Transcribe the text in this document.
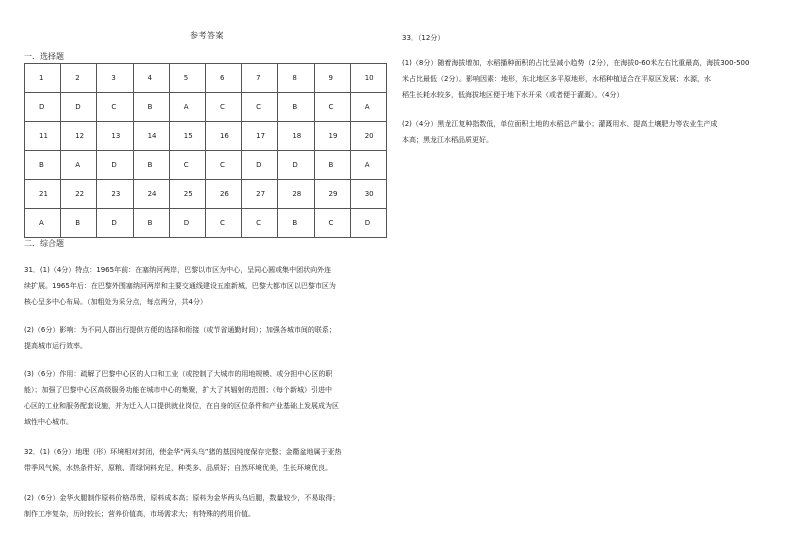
参考答案
一．选择题
1	2	3	4	5	6	7	8	9	10
D	D	C	B	A	C	C	B	C	A
11	12	13	14	15	16	17	18	19	20
B	A	D	B	C	C	D	D	B	A
21	22	23	24	25	26	27	28	29	30
A	B	D	B	D	C	C	B	C	D
二．综合题
31．(1)（4分）特点：1965年前：在塞纳河两岸，巴黎以市区为中心，呈同心圆或集中团状向外连
续扩展。1965年后：在巴黎外围塞纳河两岸和主要交通线建设五座新城，巴黎大都市区以巴黎市区为
核心呈多中心布局。（加粗处为采分点，每点两分，共4分）
(2)（6分）影响：为不同人群出行提供方便的选择和衔接（或节省通勤时间）；加强各城市间的联系；
提高城市运行效率。
(3)（6分）作用：疏解了巴黎中心区的人口和工业（或控制了大城市的用地规模、或分担中心区的职
能）；加强了巴黎中心区高级服务功能在城市中心的集聚，扩大了其辐射的范围；（每个新城）引进中
心区的工业和服务配套设施，并为迁入人口提供就业岗位，在自身的区位条件和产业基础上发展成为区
域性中心城市。
32．(1)（6分）地理（形）环境相对封闭，使金华“两头乌”猪的基因纯度保存完整；金衢盆地属于亚热
带季风气候，水热条件好，原粮、青绿饲料充足，种类多、品质好；自然环境优美，生长环境优良。
(2)（6分）金华火腿制作原料价格昂贵，原料成本高；原料为金华两头乌后腿，数量较少，不易取得；
制作工序复杂，历时较长；营养价值高，市场需求大；有特殊的药用价值。
33．（12分）
(1)（8分）随着海拔增加，水稻播种面积的占比呈减小趋势（2分），在海拔0-60米左右比重最高，海拔300-500
米占比最低（2分）。影响因素：地形，东北地区多平原地形，水稻种植适合在平原区发展；水源，水
稻生长耗水较多，低海拔地区便于地下水开采（或者便于灌溉）。（4分）
(2)（4分）黑龙江复种指数低，单位面积土地的水稻总产量小；灌溉用水、提高土壤肥力等农业生产成
本高；黑龙江水稻品质更好。
